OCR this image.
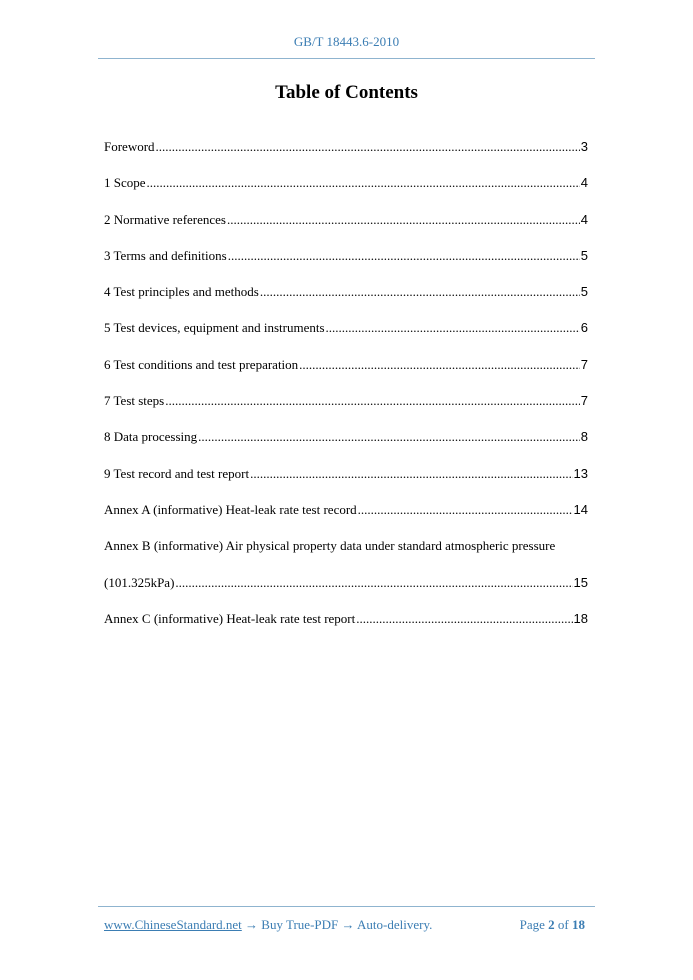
GB/T 18443.6-2010
Table of Contents
Foreword .....	3
1 Scope .....	4
2 Normative references .....	4
3 Terms and definitions .....	5
4 Test principles and methods .....	5
5 Test devices, equipment and instruments .....	6
6 Test conditions and test preparation .....	7
7 Test steps .....	7
8 Data processing .....	8
9 Test record and test report .....	13
Annex A (informative) Heat-leak rate test record .....	14
Annex B (informative) Air physical property data under standard atmospheric pressure
(101.325kPa) .....	15
Annex C (informative) Heat-leak rate test report .....	18
www.ChineseStandard.net → Buy True-PDF → Auto-delivery.	Page 2 of 18
